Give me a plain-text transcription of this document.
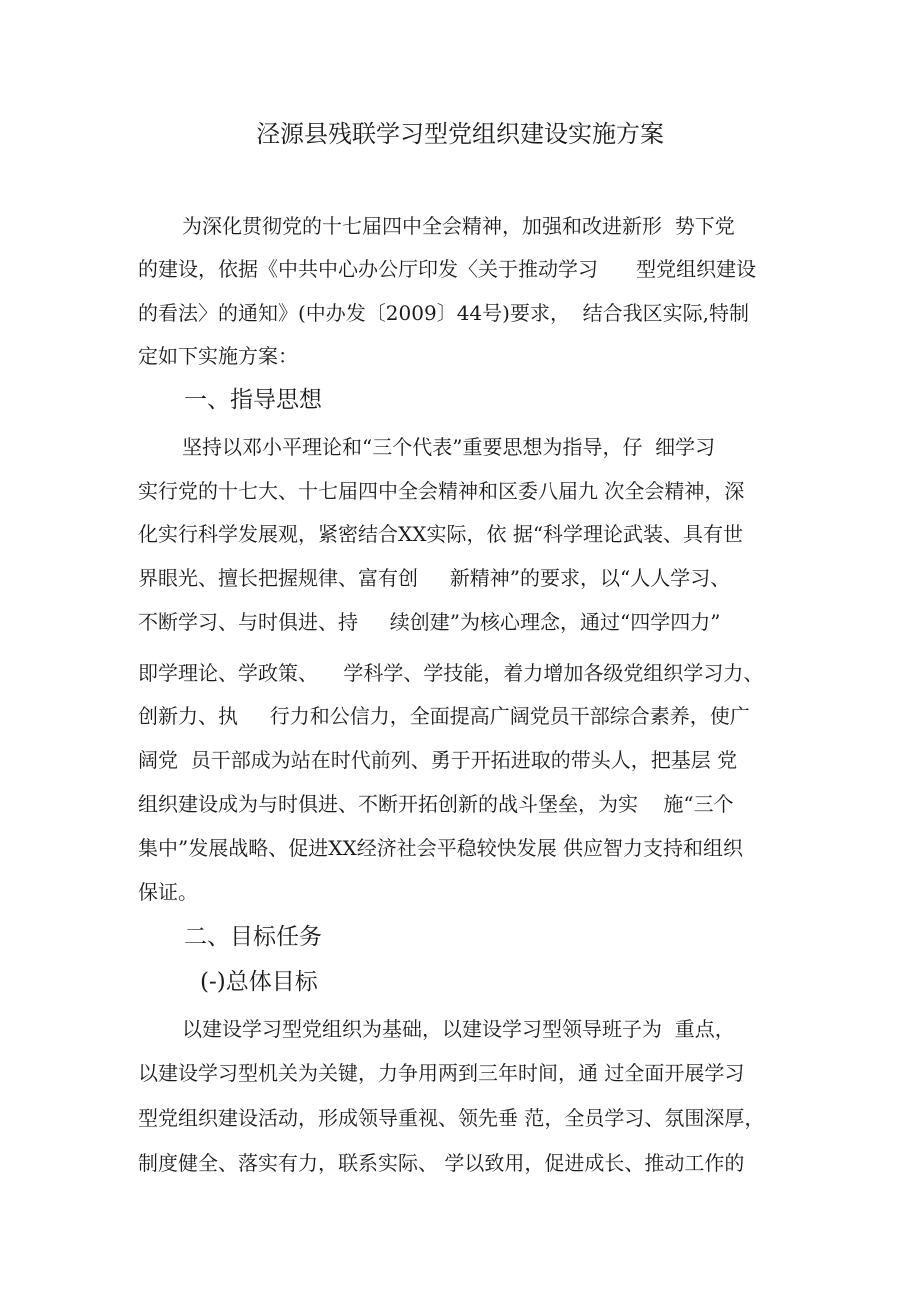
泾源县残联学习型党组织建设实施方案
为深化贯彻党的十七届四中全会精神，加强和改进新形  势下党
的建设，依据《中共中心办公厅印发〈关于推动学习      型党组织建设
的看法〉的通知》(中办发〔2009〕44号)要求，  结合我区实际,特制
定如下实施方案：
一、指导思想
坚持以邓小平理论和“三个代表”重要思想为指导，仔  细学习
实行党的十七大、十七届四中全会精神和区委八届九 次全会精神，深
化实行科学发展观，紧密结合XX实际，依 据“科学理论武装、具有世
界眼光、擅长把握规律、富有创     新精神”的要求，以“人人学习、
不断学习、与时俱进、持     续创建”为核心理念，通过“四学四力”
即学理论、学政策、    学科学、学技能，着力增加各级党组织学习力、
创新力、执     行力和公信力，全面提高广阔党员干部综合素养，使广
阔党  员干部成为站在时代前列、勇于开拓进取的带头人，把基层 党
组织建设成为与时俱进、不断开拓创新的战斗堡垒，为实    施“三个
集中”发展战略、促进XX经济社会平稳较快发展 供应智力支持和组织
保证。
二、目标任务
(-)总体目标
以建设学习型党组织为基础，以建设学习型领导班子为  重点，
以建设学习型机关为关键，力争用两到三年时间，通 过全面开展学习
型党组织建设活动，形成领导重视、领先垂 范，全员学习、氛围深厚，
制度健全、落实有力，联系实际、 学以致用，促进成长、推动工作的
